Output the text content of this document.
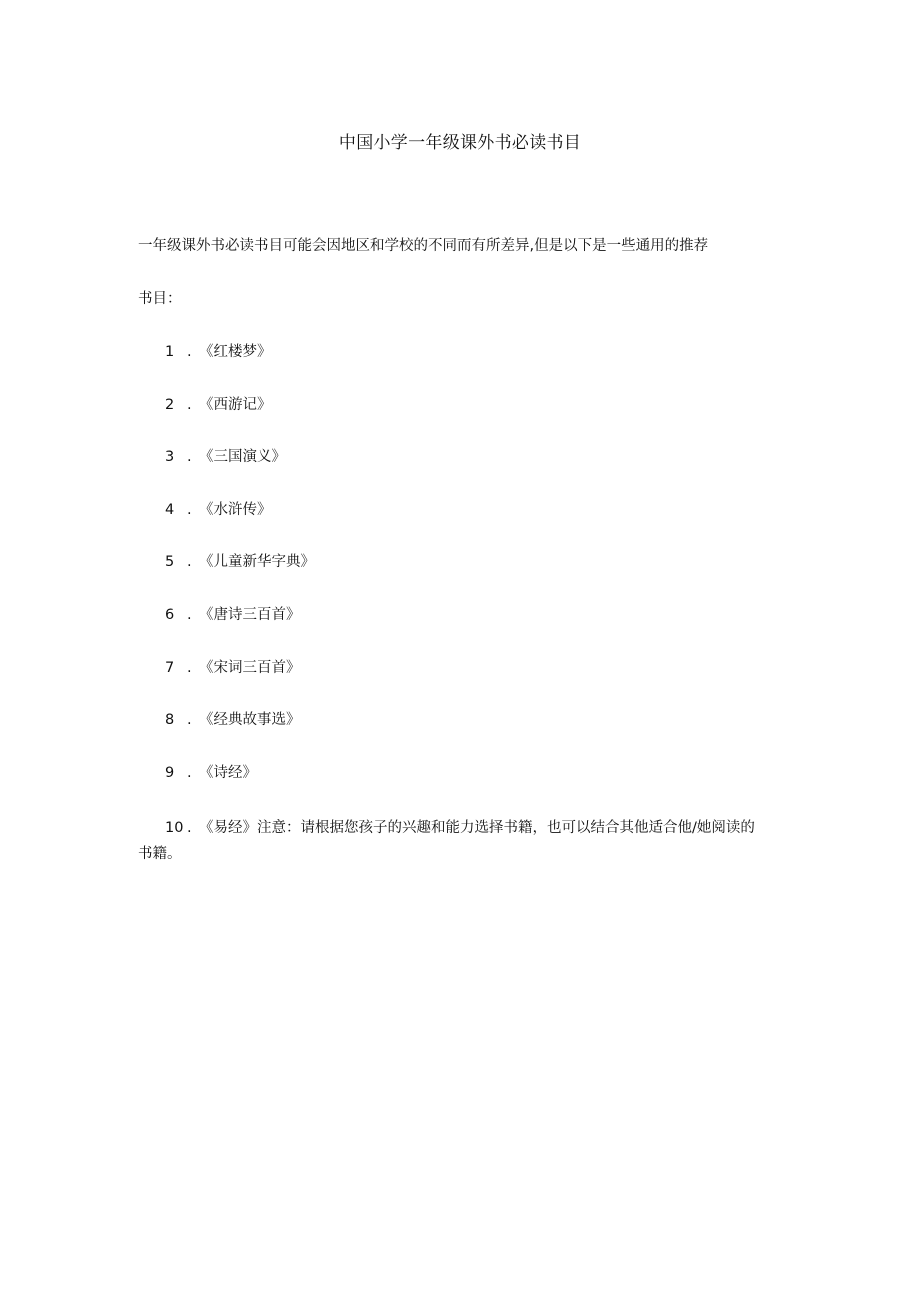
中国小学一年级课外书必读书目
一年级课外书必读书目可能会因地区和学校的不同而有所差异,但是以下是一些通用的推荐
书目：
1 . 《红楼梦》
2 . 《西游记》
3 . 《三国演义》
4 . 《水浒传》
5 . 《儿童新华字典》
6 . 《唐诗三百首》
7 . 《宋词三百首》
8 . 《经典故事选》
9 . 《诗经》
10 . 《易经》注意：请根据您孩子的兴趣和能力选择书籍，也可以结合其他适合他/她阅读的
书籍。
